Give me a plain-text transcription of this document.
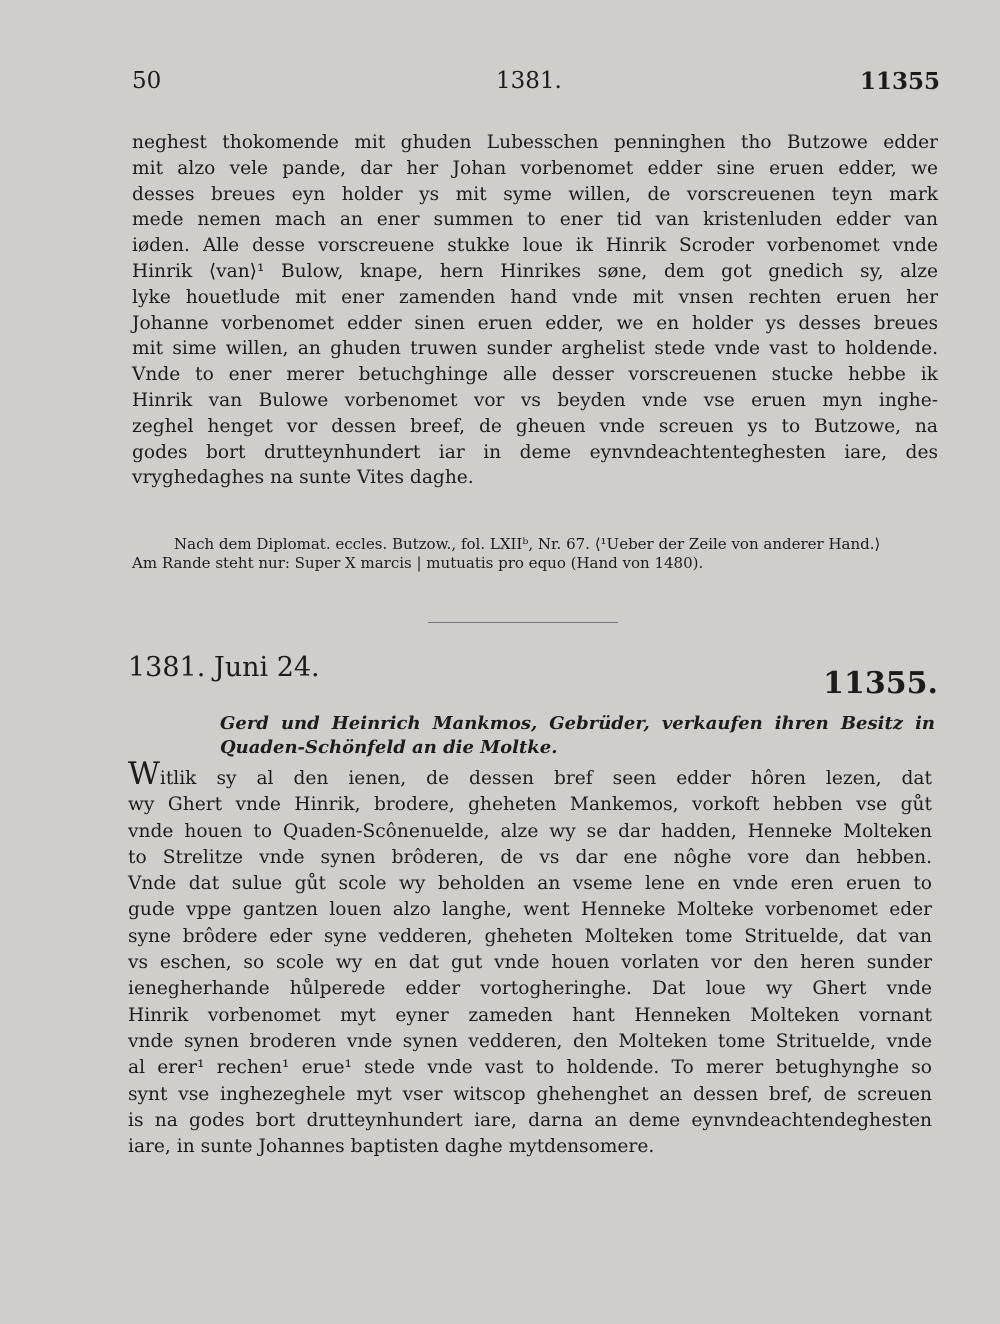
50	1381.	11355
neghest thokomende mit ghuden Lubesschen penninghen tho Butzowe edder
mit alzo vele pande, dar her Johan vorbenomet edder sine eruen edder, we
desses breues eyn holder ys mit syme willen, de vorscreuenen teyn mark
mede nemen mach an ener summen to ener tid van kristenluden edder van
iøden. Alle desse vorscreuene stukke loue ik Hinrik Scroder vorbenomet vnde
Hinrik ⟨van⟩¹ Bulow, knape, hern Hinrikes søne, dem got gnedich sy, alze
lyke houetlude mit ener zamenden hand vnde mit vnsen rechten eruen her
Johanne vorbenomet edder sinen eruen edder, we en holder ys desses breues
mit sime willen, an ghuden truwen sunder arghelist stede vnde vast to holdende.
Vnde to ener merer betuchghinge alle desser vorscreuenen stucke hebbe ik
Hinrik van Bulowe vorbenomet vor vs beyden vnde vse eruen myn inghe-
zeghel henget vor dessen breef, de gheuen vnde screuen ys to Butzowe, na
godes bort drutteynhundert iar in deme eynvndeachtenteghesten iare, des
vryghedaghes na sunte Vites daghe.
Nach dem Diplomat. eccles. Butzow., fol. LXIIᵇ, Nr. 67. ⟨¹Ueber der Zeile von anderer Hand.⟩
Am Rande steht nur: Super X marcis | mutuatis pro equo (Hand von 1480).
1381. Juni 24.	11355.
Gerd und Heinrich Mankmos, Gebrüder, verkaufen ihren Besitz in
Quaden-Schönfeld an die Moltke.
Witlik sy al den ienen, de dessen bref seen edder hôren lezen, dat
wy Ghert vnde Hinrik, brodere, gheheten Mankemos, vorkoft hebben vse gůt
vnde houen to Quaden-Scônenuelde, alze wy se dar hadden, Henneke Molteken
to Strelitze vnde synen brôderen, de vs dar ene nôghe vore dan hebben.
Vnde dat sulue gůt scole wy beholden an vseme lene en vnde eren eruen to
gude vppe gantzen louen alzo langhe, went Henneke Molteke vorbenomet eder
syne brôdere eder syne vedderen, gheheten Molteken tome Strituelde, dat van
vs eschen, so scole wy en dat gut vnde houen vorlaten vor den heren sunder
ienegherhande hůlperede edder vortogheringhe. Dat loue wy Ghert vnde
Hinrik vorbenomet myt eyner zameden hant Henneken Molteken vornant
vnde synen broderen vnde synen vedderen, den Molteken tome Strituelde, vnde
al erer¹ rechen¹ erue¹ stede vnde vast to holdende. To merer betughynghe so
synt vse inghezeghele myt vser witscop ghehenghet an dessen bref, de screuen
is na godes bort drutteynhundert iare, darna an deme eynvndeachtendeghesten
iare, in sunte Johannes baptisten daghe mytdensomere.
